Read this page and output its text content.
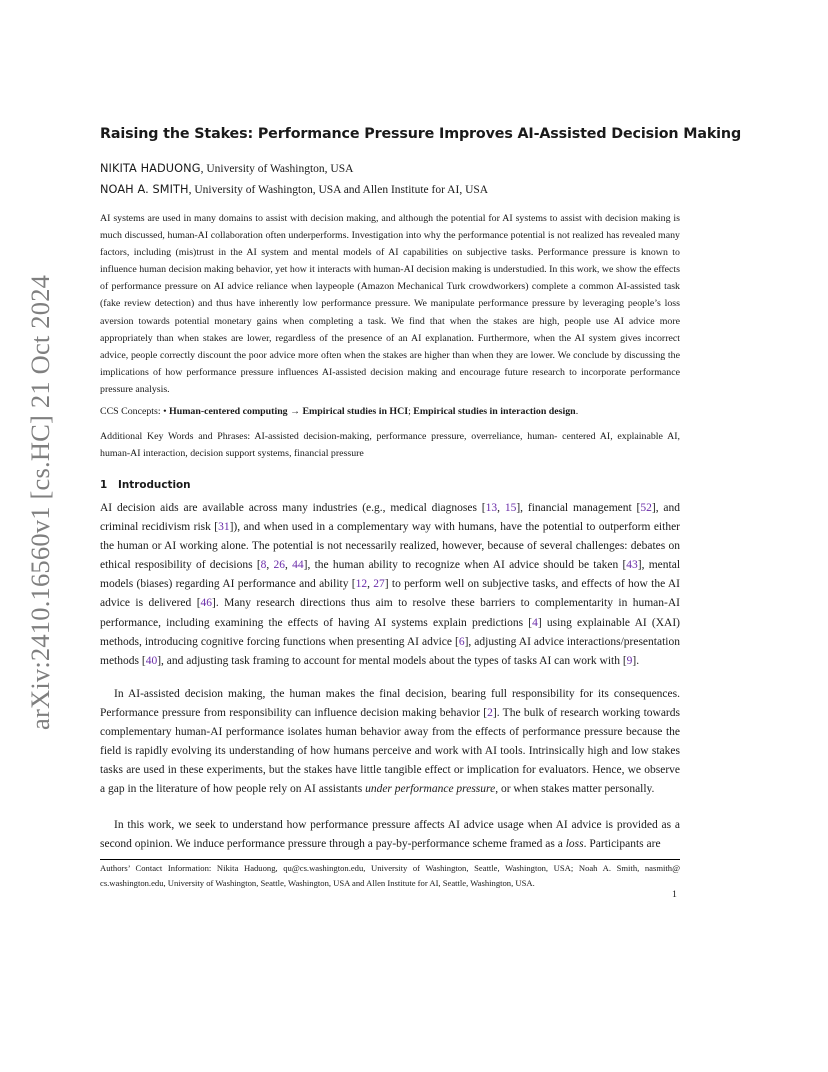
arXiv:2410.16560v1 [cs.HC] 21 Oct 2024
Raising the Stakes: Performance Pressure Improves AI-Assisted Decision Making
NIKITA HADUONG, University of Washington, USA
NOAH A. SMITH, University of Washington, USA and Allen Institute for AI, USA

AI systems are used in many domains to assist with decision making, and although the potential for AI systems to assist with decision making is much discussed, human-AI collaboration often underperforms. Investigation into why the performance potential is not realized has revealed many factors, including (mis)trust in the AI system and mental models of AI capabilities on subjective tasks. Performance pressure is known to influence human decision making behavior, yet how it interacts with human-AI decision making is understudied. In this work, we show the effects of performance pressure on AI advice reliance when laypeople (Amazon Mechanical Turk crowdworkers) complete a common AI-assisted task (fake review detection) and thus have inherently low performance pressure. We manipulate performance pressure by leveraging people’s loss aversion towards potential monetary gains when completing a task. We find that when the stakes are high, people use AI advice more appropriately than when stakes are lower, regardless of the presence of an AI explanation. Furthermore, when the AI system gives incorrect advice, people correctly discount the poor advice more often when the stakes are higher than when they are lower. We conclude by discussing the implications of how performance pressure influences AI-assisted decision making and encourage future research to incorporate performance pressure analysis.

CCS Concepts: • Human-centered computing → Empirical studies in HCI; Empirical studies in interaction design.

Additional Key Words and Phrases: AI-assisted decision-making, performance pressure, overreliance, human- centered AI, explainable AI, human-AI interaction, decision support systems, financial pressure

1 Introduction

AI decision aids are available across many industries (e.g., medical diagnoses [13, 15], financial management [52], and criminal recidivism risk [31]), and when used in a complementary way with humans, have the potential to outperform either the human or AI working alone. The potential is not necessarily realized, however, because of several challenges: debates on ethical resposibility of decisions [8, 26, 44], the human ability to recognize when AI advice should be taken [43], mental models (biases) regarding AI performance and ability [12, 27] to perform well on subjective tasks, and effects of how the AI advice is delivered [46]. Many research directions thus aim to resolve these barriers to complementarity in human-AI performance, including examining the effects of having AI systems explain predictions [4] using explainable AI (XAI) methods, introducing cognitive forcing functions when presenting AI advice [6], adjusting AI advice interactions/presentation methods [40], and adjusting task framing to account for mental models about the types of tasks AI can work with [9].

In AI-assisted decision making, the human makes the final decision, bearing full responsibility for its consequences. Performance pressure from responsibility can influence decision making behavior [2]. The bulk of research working towards complementary human-AI performance isolates human behavior away from the effects of performance pressure because the field is rapidly evolving its understanding of how humans perceive and work with AI tools. Intrinsically high and low stakes tasks are used in these experiments, but the stakes have little tangible effect or implication for evaluators. Hence, we observe a gap in the literature of how people rely on AI assistants under performance pressure, or when stakes matter personally.

In this work, we seek to understand how performance pressure affects AI advice usage when AI advice is provided as a second opinion. We induce performance pressure through a pay-by-performance scheme framed as a loss. Participants are

Authors’ Contact Information: Nikita Haduong, qu@cs.washington.edu, University of Washington, Seattle, Washington, USA; Noah A. Smith, nasmith@ cs.washington.edu, University of Washington, Seattle, Washington, USA and Allen Institute for AI, Seattle, Washington, USA.

1
